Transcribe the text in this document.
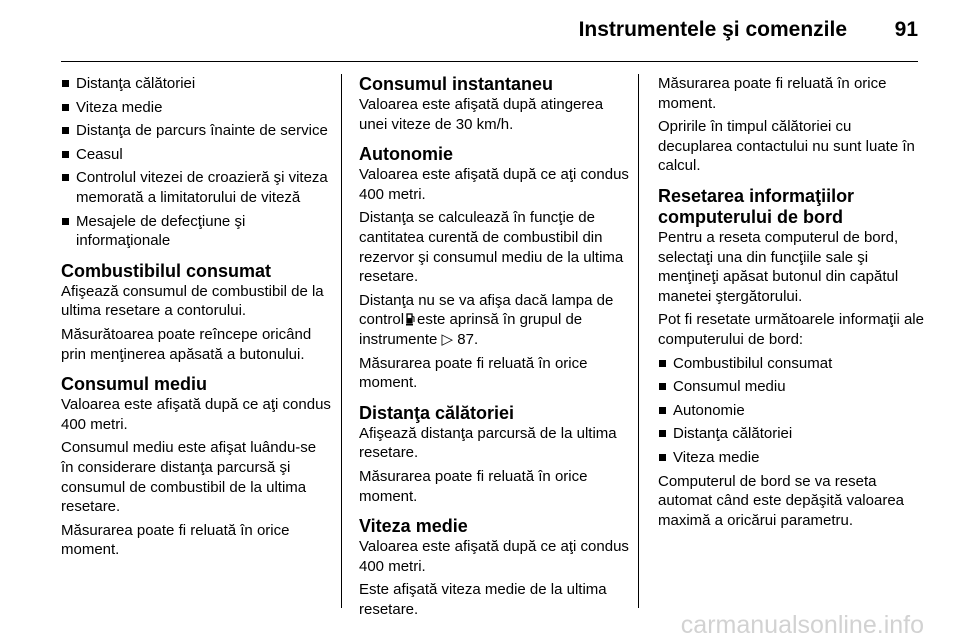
Instrumentele şi comenzile 91
Distanţa călătoriei
Viteza medie
Distanţa de parcurs înainte de service
Ceasul
Controlul vitezei de croazieră şi viteza memorată a limitatorului de viteză
Mesajele de defecţiune şi informaţionale
Combustibilul consumat

Afişează consumul de combustibil de la ultima resetare a contorului.

Măsurătoarea poate reîncepe oricând prin menţinerea apăsată a butonului.

Consumul mediu

Valoarea este afişată după ce aţi condus 400 metri.

Consumul mediu este afişat luându-se în considerare distanţa parcursă şi consumul de combustibil de la ultima resetare.

Măsurarea poate fi reluată în orice moment.

Consumul instantaneu

Valoarea este afişată după atingerea unei viteze de 30 km/h.

Autonomie

Valoarea este afişată după ce aţi condus 400 metri.

Distanţa se calculează în funcţie de cantitatea curentă de combustibil din rezervor şi consumul mediu de la ultima resetare.

Distanţa nu se va afişa dacă lampa de control este aprinsă în grupul de instrumente ▷ 87.

Măsurarea poate fi reluată în orice moment.

Distanţa călătoriei

Afişează distanţa parcursă de la ultima resetare.

Măsurarea poate fi reluată în orice moment.

Viteza medie

Valoarea este afişată după ce aţi condus 400 metri.

Este afişată viteza medie de la ultima resetare.

Măsurarea poate fi reluată în orice moment.

Opririle în timpul călătoriei cu decuplarea contactului nu sunt luate în calcul.

Resetarea informaţiilor computerului de bord

Pentru a reseta computerul de bord, selectaţi una din funcţiile sale şi menţineţi apăsat butonul din capătul manetei ştergătorului.

Pot fi resetate următoarele informaţii ale computerului de bord:

Combustibilul consumat
Consumul mediu
Autonomie
Distanţa călătoriei
Viteza medie

Computerul de bord se va reseta automat când este depăşită valoarea maximă a oricărui parametru.

carmanualsonline.info
